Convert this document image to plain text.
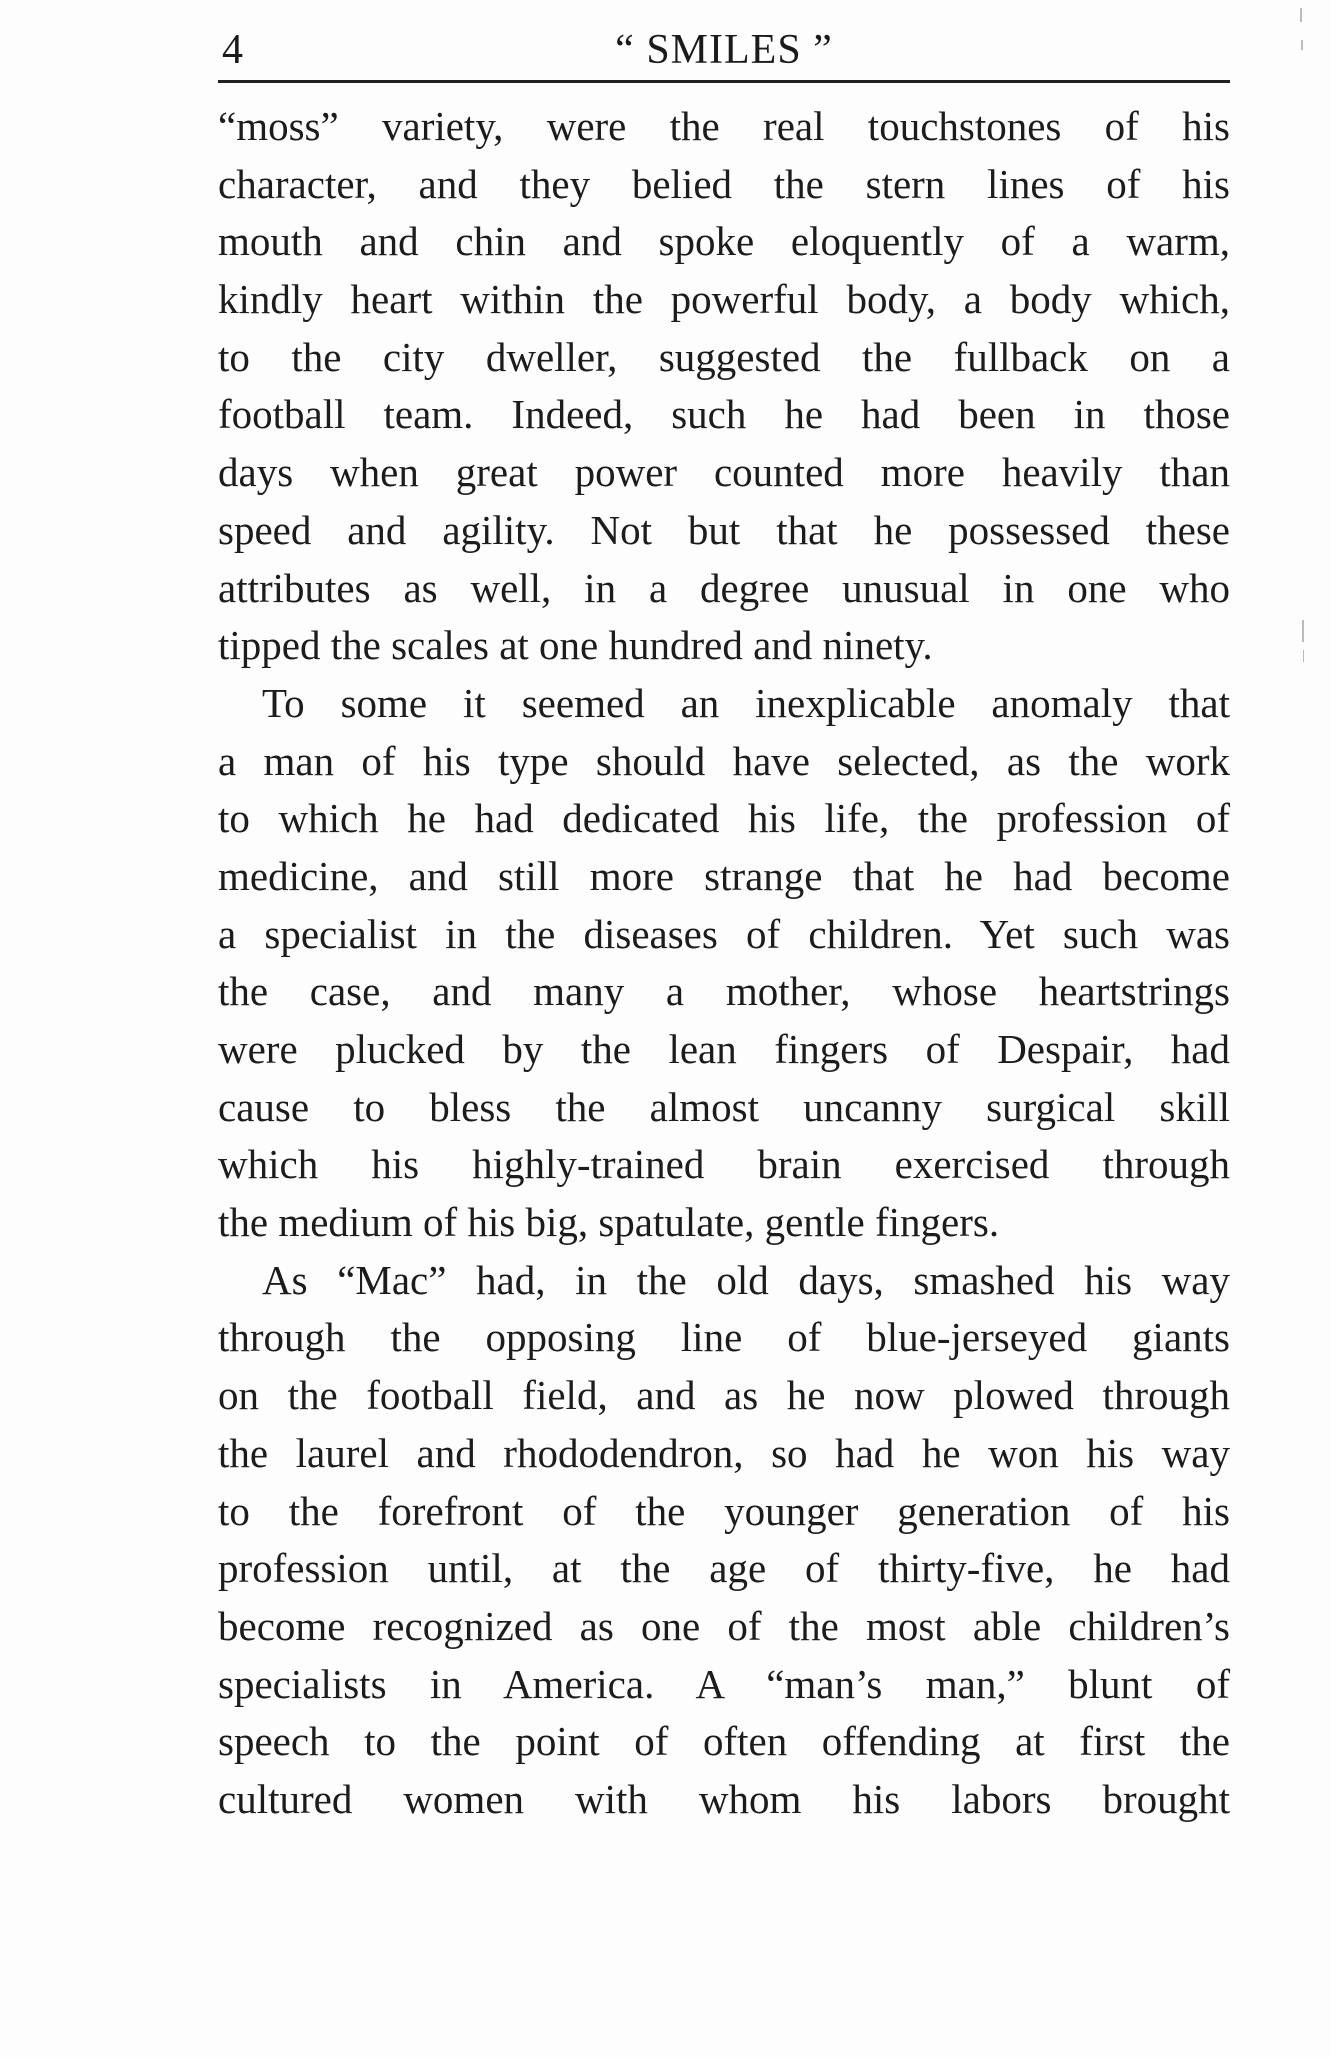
4	“ SMILES ”
“moss” variety, were the real touchstones of his
character, and they belied the stern lines of his
mouth and chin and spoke eloquently of a warm,
kindly heart within the powerful body, a body which,
to the city dweller, suggested the fullback on a
football team. Indeed, such he had been in those
days when great power counted more heavily than
speed and agility. Not but that he possessed these
attributes as well, in a degree unusual in one who
tipped the scales at one hundred and ninety.
To some it seemed an inexplicable anomaly that
a man of his type should have selected, as the work
to which he had dedicated his life, the profession of
medicine, and still more strange that he had become
a specialist in the diseases of children. Yet such was
the case, and many a mother, whose heartstrings
were plucked by the lean fingers of Despair, had
cause to bless the almost uncanny surgical skill
which his highly-trained brain exercised through
the medium of his big, spatulate, gentle fingers.
As “Mac” had, in the old days, smashed his way
through the opposing line of blue-jerseyed giants
on the football field, and as he now plowed through
the laurel and rhododendron, so had he won his way
to the forefront of the younger generation of his
profession until, at the age of thirty-five, he had
become recognized as one of the most able children’s
specialists in America. A “man’s man,” blunt of
speech to the point of often offending at first the
cultured women with whom his labors brought
